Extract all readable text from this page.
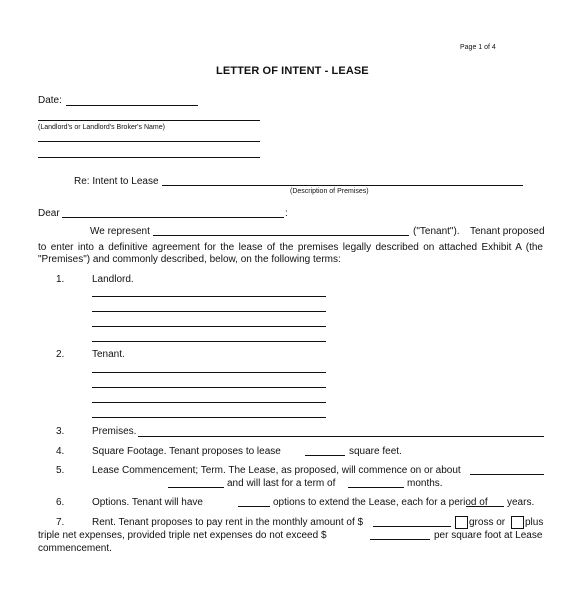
Page 1 of 4
LETTER OF INTENT - LEASE
Date:
(Landlord's or Landlord's Broker's Name)
Re: Intent to Lease
(Description of Premises)
Dear	:
We represent	("Tenant"). Tenant proposed
to enter into a definitive agreement for the lease of the premises legally described on attached Exhibit A (the
"Premises") and commonly described, below, on the following terms:
1.	Landlord.
2.	Tenant.
3.	Premises.
4.	Square Footage. Tenant proposes to lease	square feet.
5.	Lease Commencement; Term. The Lease, as proposed, will commence on or about
and will last for a term of	months.
6.	Options. Tenant will have	options to extend the Lease, each for a period of years.
7.	Rent. Tenant proposes to pay rent in the monthly amount of $	gross or plus
triple net expenses, provided triple net expenses do not exceed $	per square foot at Lease
commencement.
